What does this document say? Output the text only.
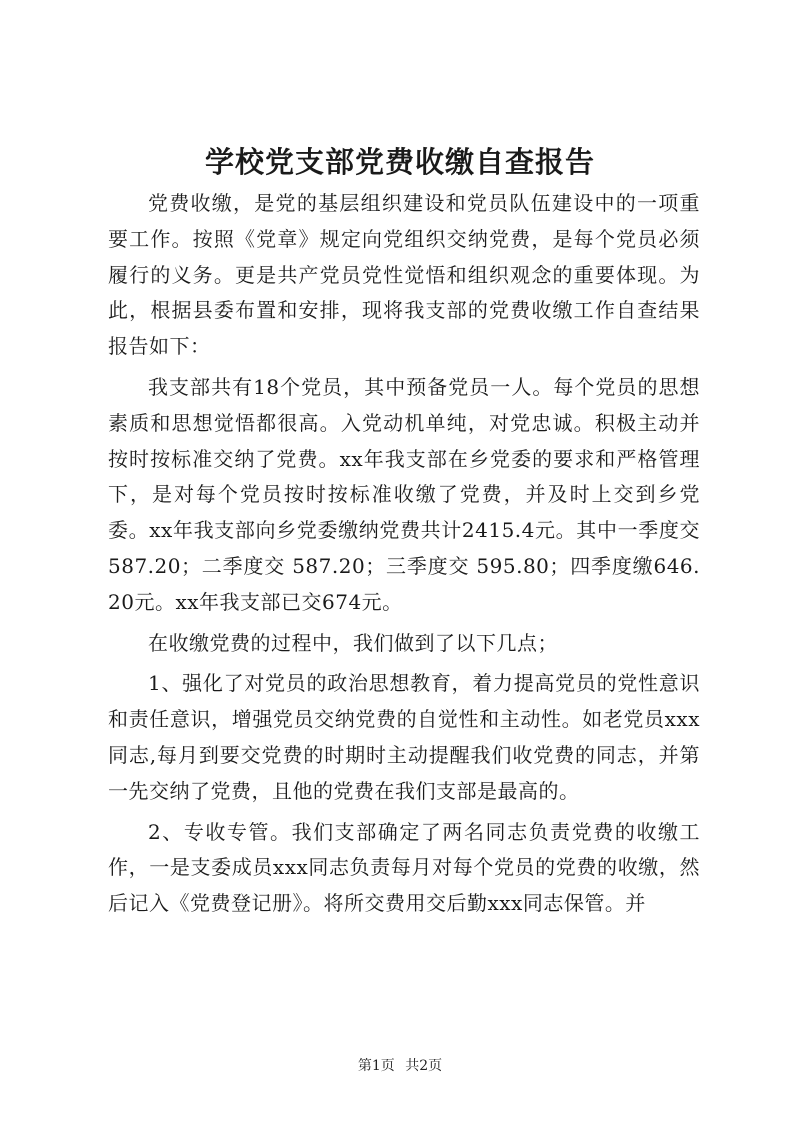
学校党支部党费收缴自查报告

党费收缴，是党的基层组织建设和党员队伍建设中的一项重要工作。按照《党章》规定向党组织交纳党费，是每个党员必须履行的义务。更是共产党员党性觉悟和组织观念的重要体现。为此，根据县委布置和安排，现将我支部的党费收缴工作自查结果报告如下：

我支部共有18个党员，其中预备党员一人。每个党员的思想素质和思想觉悟都很高。入党动机单纯，对党忠诚。积极主动并按时按标准交纳了党费。xx年我支部在乡党委的要求和严格管理下，是对每个党员按时按标准收缴了党费，并及时上交到乡党委。xx年我支部向乡党委缴纳党费共计2415.4元。其中一季度交 587.20；二季度交 587.20；三季度交 595.80；四季度缴646.20元。xx年我支部已交674元。

在收缴党费的过程中，我们做到了以下几点；

1、强化了对党员的政治思想教育，着力提高党员的党性意识和责任意识，增强党员交纳党费的自觉性和主动性。如老党员xxx同志,每月到要交党费的时期时主动提醒我们收党费的同志，并第一先交纳了党费，且他的党费在我们支部是最高的。

2、专收专管。我们支部确定了两名同志负责党费的收缴工作，一是支委成员xxx同志负责每月对每个党员的党费的收缴，然后记入《党费登记册》。将所交费用交后勤xxx同志保管。并

第1页 共2页
